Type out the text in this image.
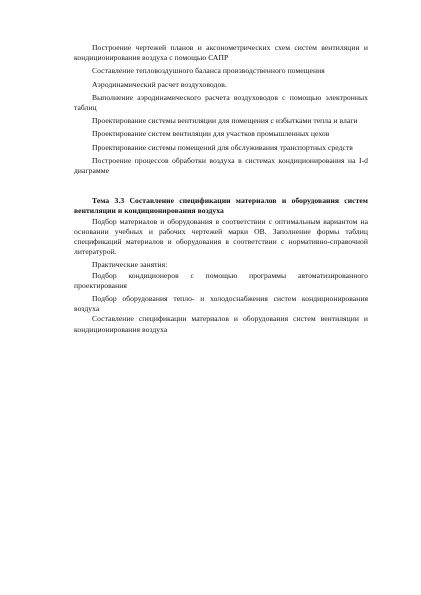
Построение чертежей планов и аксонометрических схем систем вентиляции и кондиционирования воздуха с помощью САПР

Составление тепловоздушного баланса производственного помещения

Аэродинамический расчет воздуховодов.

Выполнение аэродинамического расчета воздуховодов с помощью электронных таблиц

Проектирование системы вентиляции для помещения с избытками тепла и влаги

Проектирование систем вентиляции для участков промышленных цехов

Проектирование системы помещений для обслуживания транспортных средств

Построение процессов обработки воздуха в системах кондиционирования на I-d диаграмме

Тема 3.3 Составление спецификации материалов и оборудования систем вентиляции и кондиционирования воздуха

Подбор материалов и оборудования в соответствии с оптимальным вариантом на основании учебных и рабочих чертежей марки ОВ. Заполнение формы таблиц спецификаций материалов и оборудования в соответствии с нормативно-справочной литературой.

Практические занятия:

Подбор кондиционеров с помощью программы автоматизированного проектирования

Подбор оборудования тепло- и холодоснабжения систем кондиционирования воздуха

Составление спецификации материалов и оборудования систем вентиляции и кондиционирования воздуха
